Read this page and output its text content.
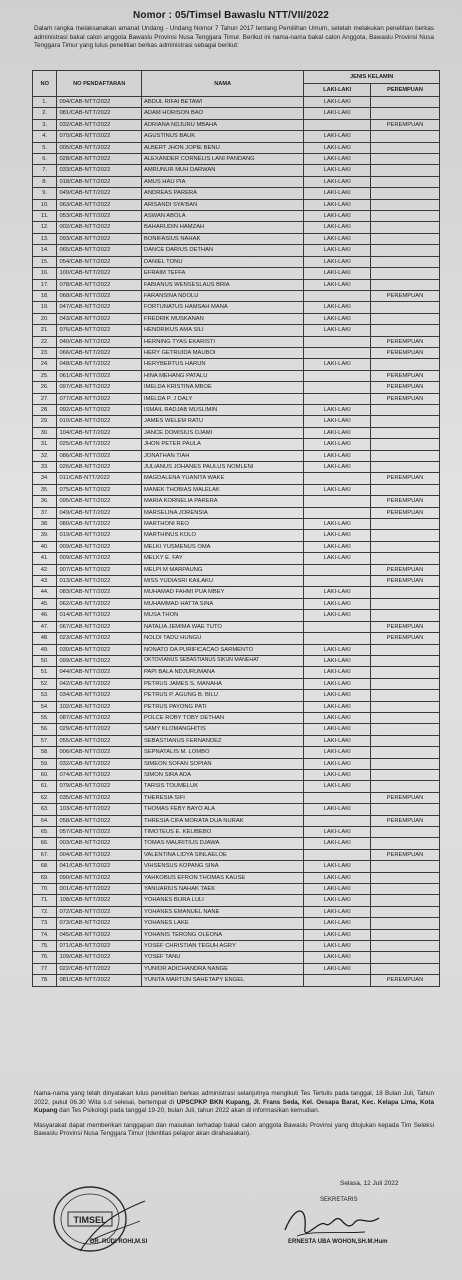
Nomor : 05/Timsel Bawaslu NTT/VII/2022
Dalam rangka melaksanakan amanat Undang - Undang Nomor 7 Tahun 2017 tentang Pemilihan Umum, setelah melakukan penelitian berkas administrasi bakal calon anggota Bawaslu Provinsi Nusa Tenggara Timur. Berikut ini nama-nama bakal calon Anggota, Bawaslu Provinsi Nusa Tenggara Timur yang lulus penelitian berkas administrasi sebagai berikut:
NO	NO PENDAFTARAN	NAMA	JENIS KELAMIN	
			LAKI-LAKI	PEREMPUAN
1.	094/CAB-NTT/2022	ABDUL RIFAI BETAWI	LAKI-LAKI	
2.	081/CAB-NTT/2022	ADAM HORISON BAO	LAKI-LAKI	
3.	032/CAB-NTT/2022	ADRIANA NDJURU MBAHA		PEREMPUAN
4.	070/CAB-NTT/2022	AGUSTINUS BAUK	LAKI-LAKI	
5.	005/CAB-NTT/2022	ALBERT JHON JOPIE BENU	LAKI-LAKI	
6.	028/CAB-NTT/2022	ALEXANDER CORNELIS LANI PANDANG	LAKI-LAKI	
7.	033/CAB-NTT/2022	AMRUNUR MUH DARWAN	LAKI-LAKI	
8.	018/CAB-NTT/2022	AMUS HAU PIA	LAKI-LAKI	
9.	049/CAB-NTT/2022	ANDREAS PARERA	LAKI-LAKI	
10.	063/CAB-NTT/2022	ARISANDI SYA'BAN	LAKI-LAKI	
11.	053/CAB-NTT/2022	ASWAN ABOLA	LAKI-LAKI	
12.	002/CAB-NTT/2022	BAHARUDIN HAMZAH	LAKI-LAKI	
13.	093/CAB-NTT/2022	BONIFASIUS NAHAK	LAKI-LAKI	
14.	065/CAB-NTT/2022	DANCE DARIUS DETHAN	LAKI-LAKI	
15.	054/CAB-NTT/2022	DANIEL TONU	LAKI-LAKI	
16.	100/CAB-NTT/2022	EFRAIM TEFFA	LAKI-LAKI	
17.	078/CAB-NTT/2022	FABIANUS WENSESLAUS BRIA	LAKI-LAKI	
18.	068/CAB-NTT/2022	FARANSINA NDOLU		PEREMPUAN
19.	047/CAB-NTT/2022	FORTUNATUS HAMSAH MANA	LAKI-LAKI	
20.	043/CAB-NTT/2022	FREDRIK MUSKANAN	LAKI-LAKI	
21.	076/CAB-NTT/2022	HENDRIKUS AMA SILI	LAKI-LAKI	
22.	040/CAB-NTT/2022	HERNING TYAS EKARISTI		PEREMPUAN
23.	066/CAB-NTT/2022	HERY GETRUIDA MAUBOI		PEREMPUAN
24.	048/CAB-NTT/2022	HERYBERTUS HARUN	LAKI-LAKI	
25.	061/CAB-NTT/2022	HINA MEHANG PATALU		PEREMPUAN
26.	097/CAB-NTT/2022	IMELDA KRISTINA MBOE		PEREMPUAN
27.	077/CAB-NTT/2022	IMELDA P. J DALY		PEREMPUAN
28.	092/CAB-NTT/2022	ISMAIL RADJAB MUSLIMIN	LAKI-LAKI	
29.	010/CAB-NTT/2022	JAMES WELEM RATU	LAKI-LAKI	
30.	104/CAB-NTT/2022	JANCE DOMISIUS DJAMI	LAKI-LAKI	
31.	025/CAB-NTT/2022	JHON PETER PAULA	LAKI-LAKI	
32.	086/CAB-NTT/2022	JONATHAN TIAH	LAKI-LAKI	
33.	026/CAB-NTT/2022	JULIANUS JOHANES PAULUS NOMLENI	LAKI-LAKI	
34.	011/CAB-NTT/2022	MAGDALENA YUANITA WAKE		PEREMPUAN
35.	075/CAB-NTT/2022	MANEK THOBIAS MALELAK	LAKI-LAKI	
36.	095/CAB-NTT/2022	MARIA KORNELIA PARERA		PEREMPUAN
37.	049/CAB-NTT/2022	MARSELINA JORENSIA		PEREMPUAN
38.	080/CAB-NTT/2022	MARTHONI REO	LAKI-LAKI	
39.	019/CAB-NTT/2022	MARTHINUS KOLO	LAKI-LAKI	
40.	009/CAB-NTT/2022	MELKI YUSMENUS OMA	LAKI-LAKI	
41.	009/CAB-NTT/2022	MELKY E. FAY	LAKI-LAKI	
42.	007/CAB-NTT/2022	MELPI M MARPAUNG		PEREMPUAN
43.	013/CAB-NTT/2022	MISS YUDIASRI KAILAKU		PEREMPUAN
44.	083/CAB-NTT/2022	MUHAMAD FAHMI PUA MBEY	LAKI-LAKI	
45.	062/CAB-NTT/2022	MUHAMMAD HATTA SINA	LAKI-LAKI	
46.	014/CAB-NTT/2022	MUSA THON	LAKI-LAKI	
47.	067/CAB-NTT/2022	NATALIA JEMIMA WAE TUTO		PEREMPUAN
48.	023/CAB-NTT/2022	NOLDI TADU HUNGU		PEREMPUAN
49.	030/CAB-NTT/2022	NONATO DA PURIFICACAO SARMENTO	LAKI-LAKI	
50.	099/CAB-NTT/2022	OKTOVIANUS SEBASTIANUS SIKUN MANEHAT	LAKI-LAKI	
51.	044/CAB-NTT/2022	PAPI BALA NDJURUMANA	LAKI-LAKI	
52.	042/CAB-NTT/2022	PETRUS JAMES S. MANAHA	LAKI-LAKI	
53.	034/CAB-NTT/2022	PETRUS P. AGUNG B. BILU	LAKI-LAKI	
54.	102/CAB-NTT/2022	PETRUS PAYONG PATI	LAKI-LAKI	
55.	087/CAB-NTT/2022	POLCE ROBY TOBY DETHAN	LAKI-LAKI	
56.	029/CAB-NTT/2022	SAMY KLOMANGHITIS	LAKI-LAKI	
57.	055/CAB-NTT/2022	SEBASTIANUS FERNANDEZ	LAKI-LAKI	
58.	006/CAB-NTT/2022	SEPNATALIS M. LOMBO	LAKI-LAKI	
59.	032/CAB-NTT/2022	SIMEON SOFAN SOPIAN	LAKI-LAKI	
60.	074/CAB-NTT/2022	SIMON SIRA ADA	LAKI-LAKI	
61.	079/CAB-NTT/2022	TARSIS TOUMELUK	LAKI-LAKI	
62.	035/CAB-NTT/2022	THERESIA SIFI		PEREMPUAN
63.	103/CAB-NTT/2022	THOMAS FEBY BAYO ALA	LAKI-LAKI	
64.	058/CAB-NTT/2022	THRESIA CIFA MORATA DUA NURAK		PEREMPUAN
65.	057/CAB-NTT/2022	TIMOTEUS E. KELIBEBO	LAKI-LAKI	
66.	003/CAB-NTT/2022	TOMAS MAURITIUS DJAWA	LAKI-LAKI	
67.	004/CAB-NTT/2022	VALENTINA LIDYA SINLAELOE		PEREMPUAN
68.	041/CAB-NTT/2022	VIHSENSUS KOPANG SINA	LAKI-LAKI	
69.	090/CAB-NTT/2022	YAHKOBUS EFRON THOMAS KAUSE	LAKI-LAKI	
70.	001/CAB-NTT/2022	YANUARIUS NAHAK TAEK	LAKI-LAKI	
71.	108/CAB-NTT/2022	YOHANES BIJRA LULI	LAKI-LAKI	
72.	072/CAB-NTT/2022	YOHANES EMANUEL NANE	LAKI-LAKI	
73.	073/CAB-NTT/2022	YOHANES LAKE	LAKI-LAKI	
74.	045/CAB-NTT/2022	YOHANIS TERONG OLEONA	LAKI-LAKI	
75.	071/CAB-NTT/2022	YOSEF CHRISTIAN TEGUH AGRY	LAKI-LAKI	
76.	109/CAB-NTT/2022	YOSEF TANU	LAKI-LAKI	
77.	022/CAB-NTT/2022	YUNIOR ADICHANDRA NANGE	LAKI-LAKI	
78.	081/CAB-NTT/2022	YUNITA MARTIJN SAHETAPY ENGEL		PEREMPUAN

Nama-nama yang telah dinyatakan lulus penelitian berkas administrasi selanjutnya mengikuti Tes Tertulis pada tanggal, 18 Bulan Juli, Tahun 2022, pukul 06.30 Wita s.d selesai, bertempat di UPSCPKP BKN Kupang, Jl. Frans Seda, Kel. Oesapa Barat, Kec. Kelapa Lima, Kota Kupang dan Tes Psikologi pada tanggal 19-20, bulan Juli, tahun 2022 akan di informasikan kemudian.

Masyarakat dapat memberikan tanggapan dan masukan terhadap bakal calon anggota Bawaslu Provinsi yang ditujukan kepada Tim Seleksi Bawaslu Provinsi Nusa Tenggara Timur (Identitas pelapor akan dirahasiakan).

Selasa, 12 Juli 2022
TIMSEL
SEKRETARIS
DR. RUDI ROHI,M.SI	ERNESTA UBA WOHON,SH.M.Hum
